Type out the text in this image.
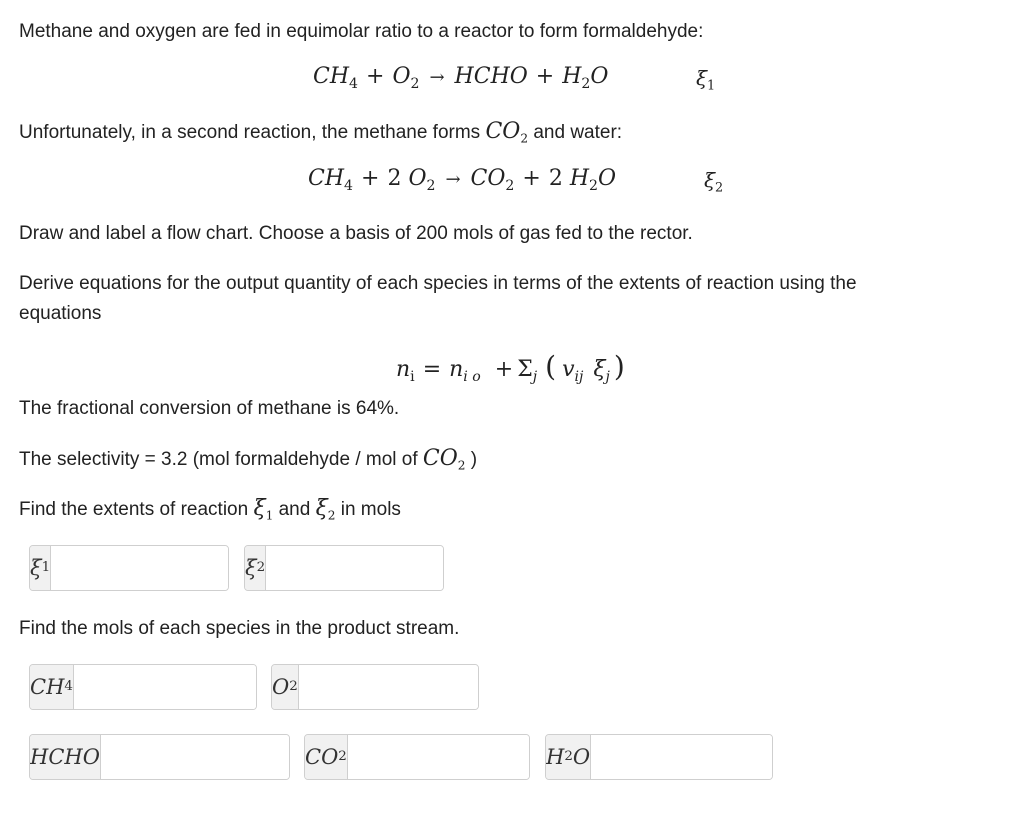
Methane and oxygen are fed in equimolar ratio to a reactor to form formaldehyde:
$CH_4 + O_2$ → HCHO + $H_2O$	$\xi_1$
Unfortunately, in a second reaction, the methane forms $CO_2$ and water:
$CH_4 + 2$ $O_2 \to CO_2 + 2$ $H_2O$	$\xi_2$
Draw and label a flow chart. Choose a basis of 200 mols of gas fed to the rector.
Derive equations for the output quantity of each species in terms of the extents of reaction using the
equations
$n_i = n_{i o} + \Sigma_j$ ( $v_{ij}$ $\xi_j$ )
The fractional conversion of methane is 64%.
The selectivity = 3.2 (mol formaldehyde / mol of $CO_2$ )
Find the extents of reaction $\xi_1$ and $\xi_2$ in mols
ξ 1	ξ 2
Find the mols of each species in the product stream.
CH 4	O 2
HCHO	CO 2	H 2 O
